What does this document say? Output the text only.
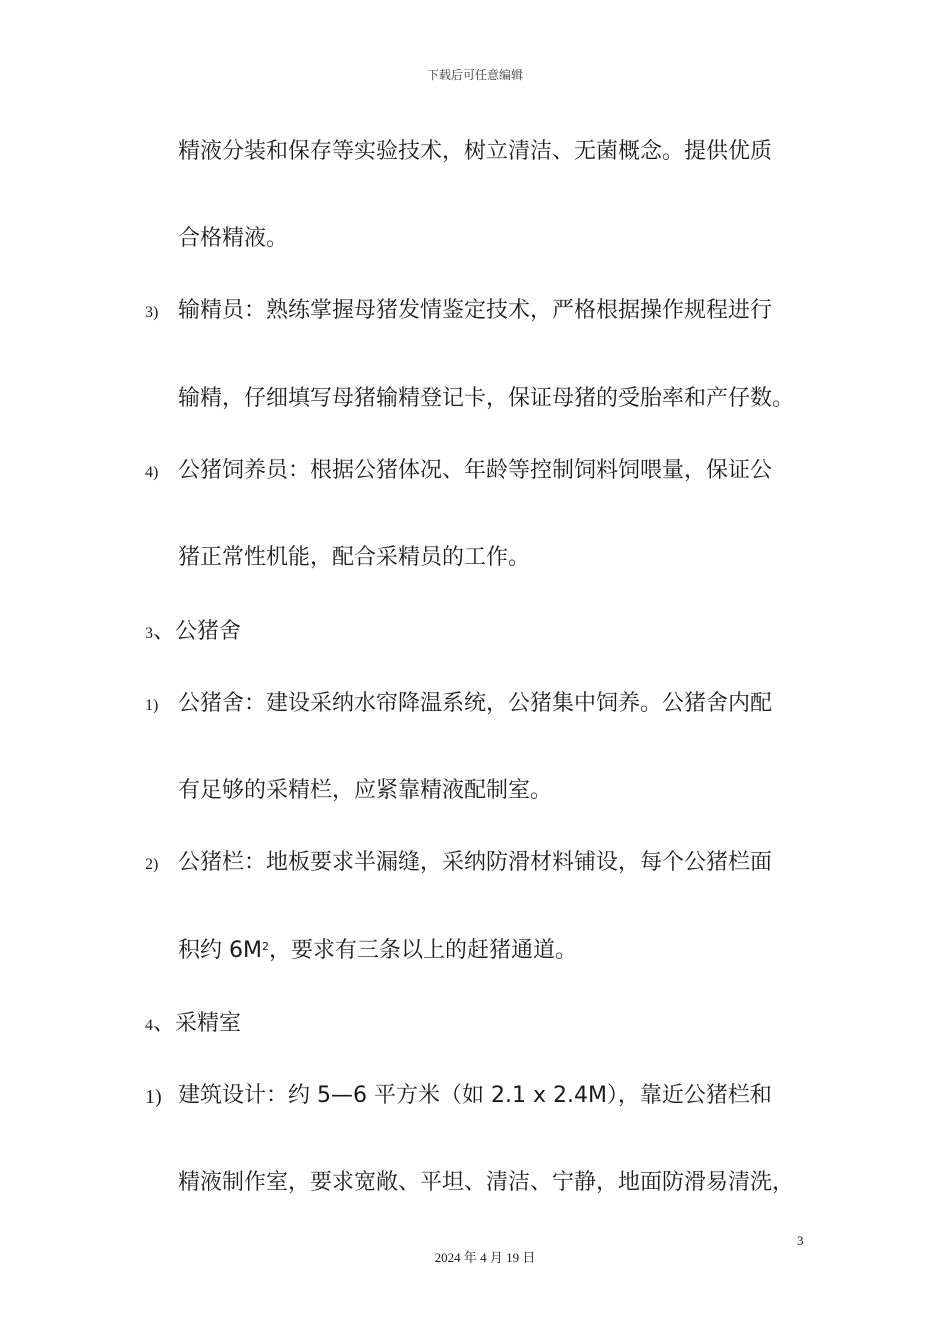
下载后可任意编辑
精液分装和保存等实验技术，树立清洁、无菌概念。提供优质
合格精液。
3) 输精员：熟练掌握母猪发情鉴定技术，严格根据操作规程进行
输精，仔细填写母猪输精登记卡，保证母猪的受胎率和产仔数。
4) 公猪饲养员：根据公猪体况、年龄等控制饲料饲喂量，保证公
猪正常性机能，配合采精员的工作。
3、公猪舍
1) 公猪舍：建设采纳水帘降温系统，公猪集中饲养。公猪舍内配
有足够的采精栏，应紧靠精液配制室。
2) 公猪栏：地板要求半漏缝，采纳防滑材料铺设，每个公猪栏面
积约 $6M^2$，要求有三条以上的赶猪通道。
4、采精室
1) 建筑设计：约 5—6 平方米（如 2.1 x 2.4M），靠近公猪栏和
精液制作室，要求宽敞、平坦、清洁、宁静，地面防滑易清洗，
3
2024 年 4 月 19 日
